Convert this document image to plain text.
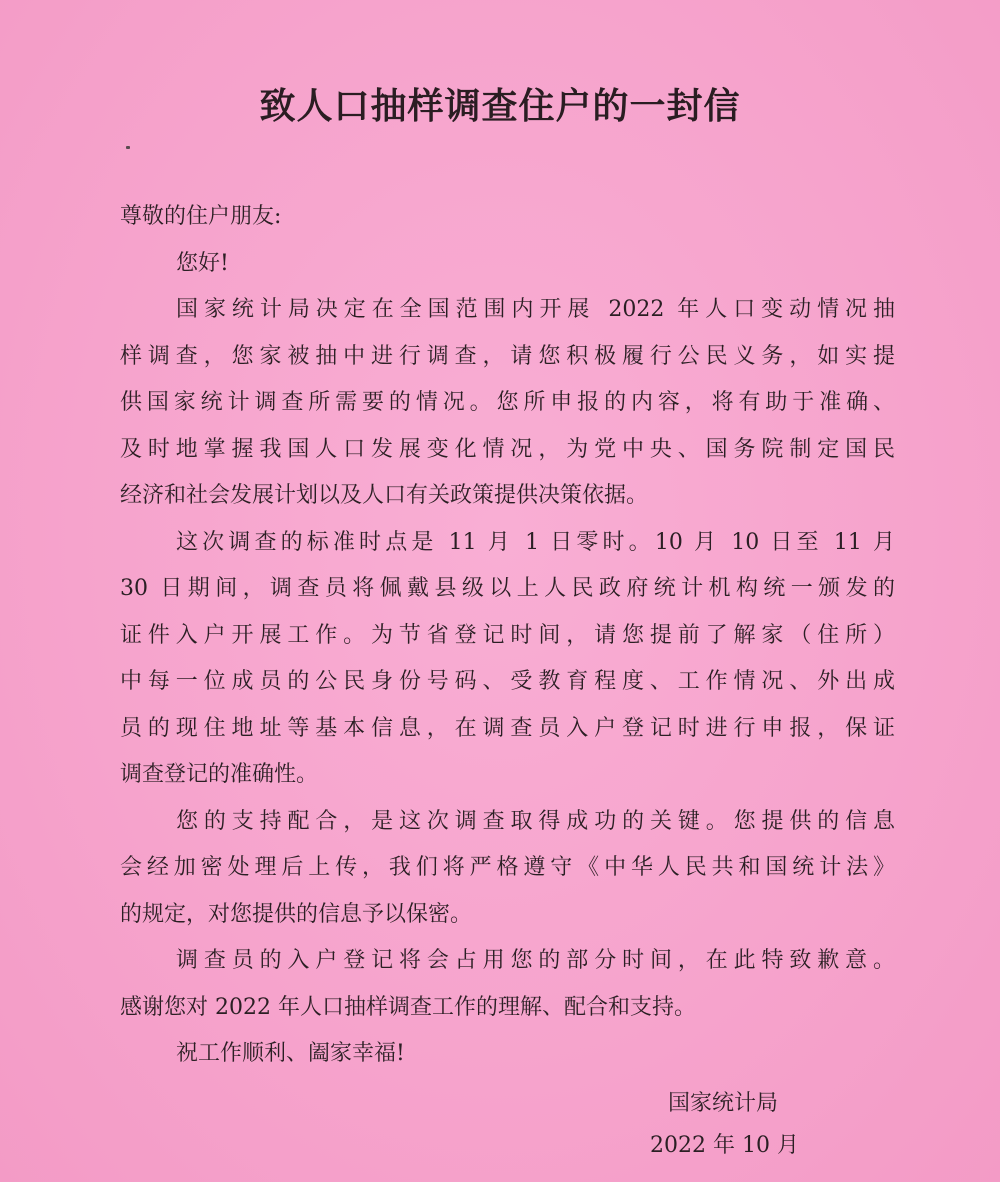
致人口抽样调查住户的一封信
尊敬的住户朋友:
您好!
国家统计局决定在全国范围内开展 2022 年人口变动情况抽
样调查，您家被抽中进行调查，请您积极履行公民义务，如实提
供国家统计调查所需要的情况。您所申报的内容，将有助于准确、
及时地掌握我国人口发展变化情况，为党中央、国务院制定国民
经济和社会发展计划以及人口有关政策提供决策依据。
这次调查的标准时点是 11 月 1 日零时。10 月 10 日至 11 月
30 日期间，调查员将佩戴县级以上人民政府统计机构统一颁发的
证件入户开展工作。为节省登记时间，请您提前了解家（住所）
中每一位成员的公民身份号码、受教育程度、工作情况、外出成
员的现住地址等基本信息，在调查员入户登记时进行申报，保证
调查登记的准确性。
您的支持配合，是这次调查取得成功的关键。您提供的信息
会经加密处理后上传，我们将严格遵守《中华人民共和国统计法》
的规定，对您提供的信息予以保密。
调查员的入户登记将会占用您的部分时间，在此特致歉意。
感谢您对 2022 年人口抽样调查工作的理解、配合和支持。
祝工作顺利、阖家幸福!
国家统计局
2022 年 10 月
